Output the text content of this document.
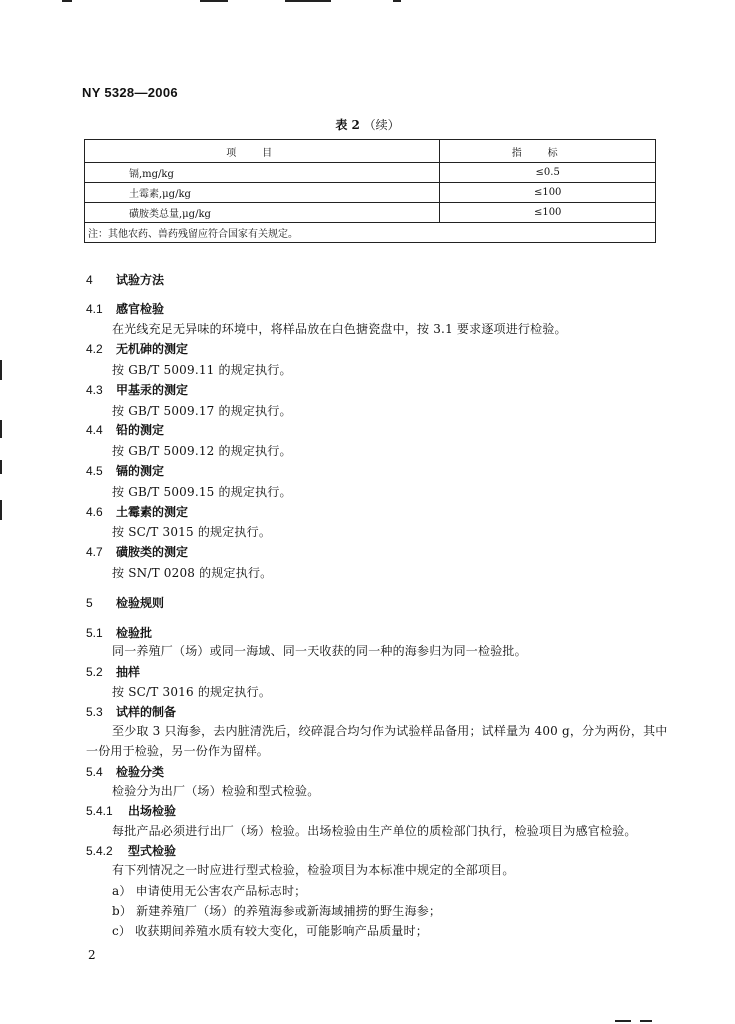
NY 5328—2006
表 2 （续）
项目	指标
镉,mg/kg	≤0.5
土霉素,μg/kg	≤100
磺胺类总量,μg/kg	≤100
注：其他农药、兽药残留应符合国家有关规定。	
4 试验方法
4.1 感官检验
在光线充足无异味的环境中，将样品放在白色搪瓷盘中，按 3.1 要求逐项进行检验。
4.2 无机砷的测定
按 GB/T 5009.11 的规定执行。
4.3 甲基汞的测定
按 GB/T 5009.17 的规定执行。
4.4 铅的测定
按 GB/T 5009.12 的规定执行。
4.5 镉的测定
按 GB/T 5009.15 的规定执行。
4.6 土霉素的测定
按 SC/T 3015 的规定执行。
4.7 磺胺类的测定
按 SN/T 0208 的规定执行。
5 检验规则
5.1 检验批
同一养殖厂（场）或同一海域、同一天收获的同一种的海参归为同一检验批。
5.2 抽样
按 SC/T 3016 的规定执行。
5.3 试样的制备
至少取 3 只海参，去内脏清洗后，绞碎混合均匀作为试验样品备用；试样量为 400 g，分为两份，其中
一份用于检验，另一份作为留样。
5.4 检验分类
检验分为出厂（场）检验和型式检验。
5.4.1 出场检验
每批产品必须进行出厂（场）检验。出场检验由生产单位的质检部门执行，检验项目为感官检验。
5.4.2 型式检验
有下列情况之一时应进行型式检验，检验项目为本标准中规定的全部项目。
a） 申请使用无公害农产品标志时；
b） 新建养殖厂（场）的养殖海参或新海域捕捞的野生海参；
c） 收获期间养殖水质有较大变化，可能影响产品质量时；
2
